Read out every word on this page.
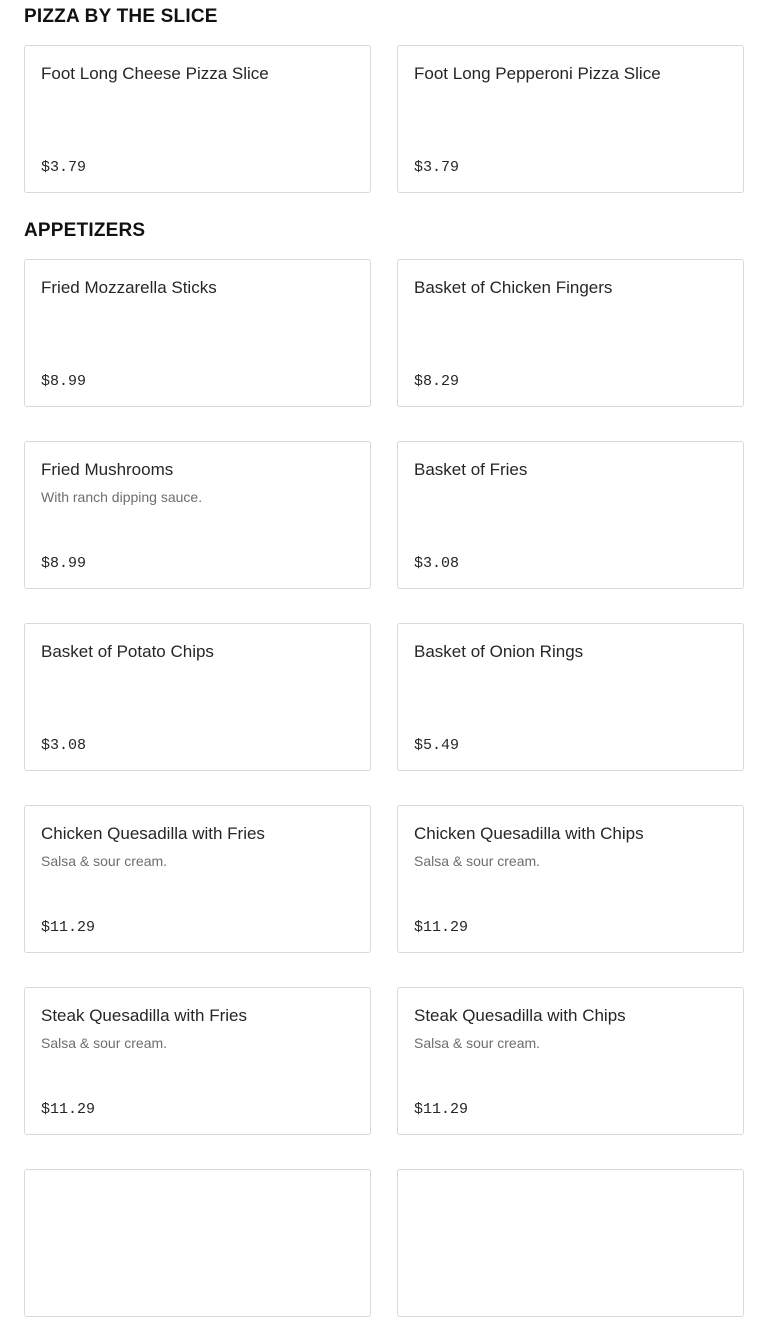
PIZZA BY THE SLICE
Foot Long Cheese Pizza Slice
$3.79
Foot Long Pepperoni Pizza Slice
$3.79
APPETIZERS
Fried Mozzarella Sticks
$8.99
Basket of Chicken Fingers
$8.29
Fried Mushrooms
With ranch dipping sauce.
$8.99
Basket of Fries
$3.08
Basket of Potato Chips
$3.08
Basket of Onion Rings
$5.49
Chicken Quesadilla with Fries
Salsa & sour cream.
$11.29
Chicken Quesadilla with Chips
Salsa & sour cream.
$11.29
Steak Quesadilla with Fries
Salsa & sour cream.
$11.29
Steak Quesadilla with Chips
Salsa & sour cream.
$11.29
